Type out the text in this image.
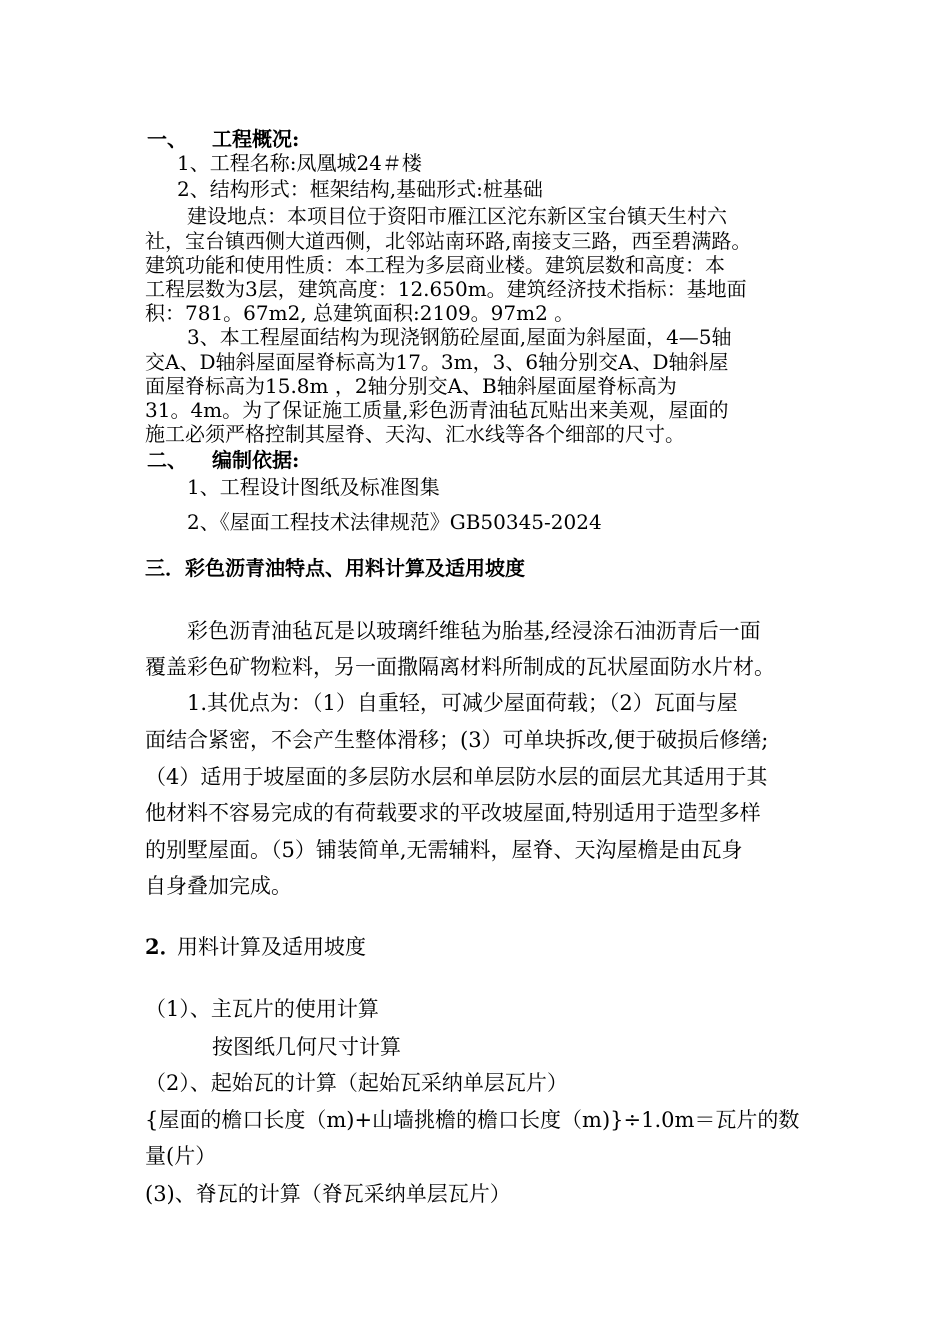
一、 工程概况:
1、工程名称:凤凰城24＃楼
2、结构形式：框架结构,基础形式:桩基础
建设地点：本项目位于资阳市雁江区沱东新区宝台镇天生村六
社，宝台镇西侧大道西侧，北邻站南环路,南接支三路，西至碧满路。
建筑功能和使用性质：本工程为多层商业楼。建筑层数和高度：本
工程层数为3层，建筑高度：12.650m。建筑经济技术指标：基地面
积：781。67m2, 总建筑面积:2109。97m2 。
3、本工程屋面结构为现浇钢筋砼屋面,屋面为斜屋面，4—5轴
交A、D轴斜屋面屋脊标高为17。3m，3、6轴分别交A、D轴斜屋
面屋脊标高为15.8m ，2轴分别交A、B轴斜屋面屋脊标高为
31。4m。为了保证施工质量,彩色沥青油毡瓦贴出来美观，屋面的
施工必须严格控制其屋脊、天沟、汇水线等各个细部的尺寸。
二、 编制依据:
1、工程设计图纸及标准图集
2、《屋面工程技术法律规范》GB50345-2024
三．彩色沥青油特点、用料计算及适用坡度
彩色沥青油毡瓦是以玻璃纤维毡为胎基,经浸涂石油沥青后一面
覆盖彩色矿物粒料，另一面撒隔离材料所制成的瓦状屋面防水片材。
1.其优点为：（1）自重轻，可减少屋面荷载；（2）瓦面与屋
面结合紧密，不会产生整体滑移；(3）可单块拆改,便于破损后修缮;
（4）适用于坡屋面的多层防水层和单层防水层的面层尤其适用于其
他材料不容易完成的有荷载要求的平改坡屋面,特别适用于造型多样
的别墅屋面。（5）铺装简单,无需辅料，屋脊、天沟屋檐是由瓦身
自身叠加完成。
2．
用料计算及适用坡度
（1）、主瓦片的使用计算
按图纸几何尺寸计算
（2）、起始瓦的计算（起始瓦采纳单层瓦片）
{屋面的檐口长度（m)+山墙挑檐的檐口长度（m)}÷1.0m＝瓦片的数
量(片）
(3)、脊瓦的计算（脊瓦采纳单层瓦片）
